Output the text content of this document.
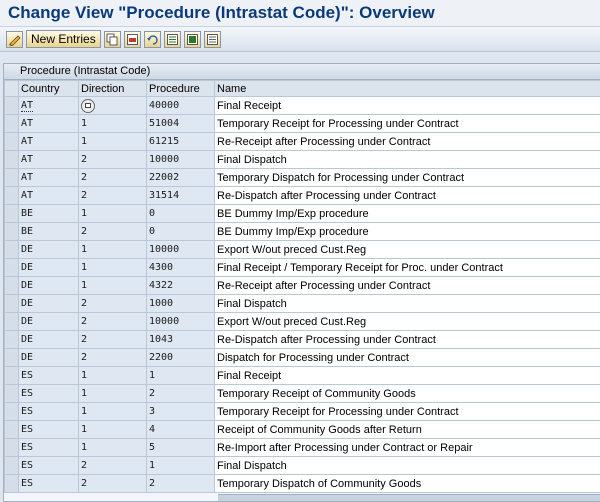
Change View "Procedure (Intrastat Code)": Overview
New Entries
Procedure (Intrastat Code)
	Country	Direction	Procedure	Name
	AT		40000	Final Receipt
	AT	1	51004	Temporary Receipt for Processing under Contract
	AT	1	61215	Re-Receipt after Processing under Contract
	AT	2	10000	Final Dispatch
	AT	2	22002	Temporary Dispatch for Processing under Contract
	AT	2	31514	Re-Dispatch after Processing under Contract
	BE	1	0	BE Dummy Imp/Exp procedure
	BE	2	0	BE Dummy Imp/Exp procedure
	DE	1	10000	Export W/out preced Cust.Reg
	DE	1	4300	Final Receipt / Temporary Receipt for Proc. under Contract
	DE	1	4322	Re-Receipt after Processing under Contract
	DE	2	1000	Final Dispatch
	DE	2	10000	Export W/out preced Cust.Reg
	DE	2	1043	Re-Dispatch after Processing under Contract
	DE	2	2200	Dispatch for Processing under Contract
	ES	1	1	Final Receipt
	ES	1	2	Temporary Receipt of Community Goods
	ES	1	3	Temporary Receipt for Processing under Contract
	ES	1	4	Receipt of Community Goods after Return
	ES	1	5	Re-Import after Processing under Contract or Repair
	ES	2	1	Final Dispatch
	ES	2	2	Temporary Dispatch of Community Goods
